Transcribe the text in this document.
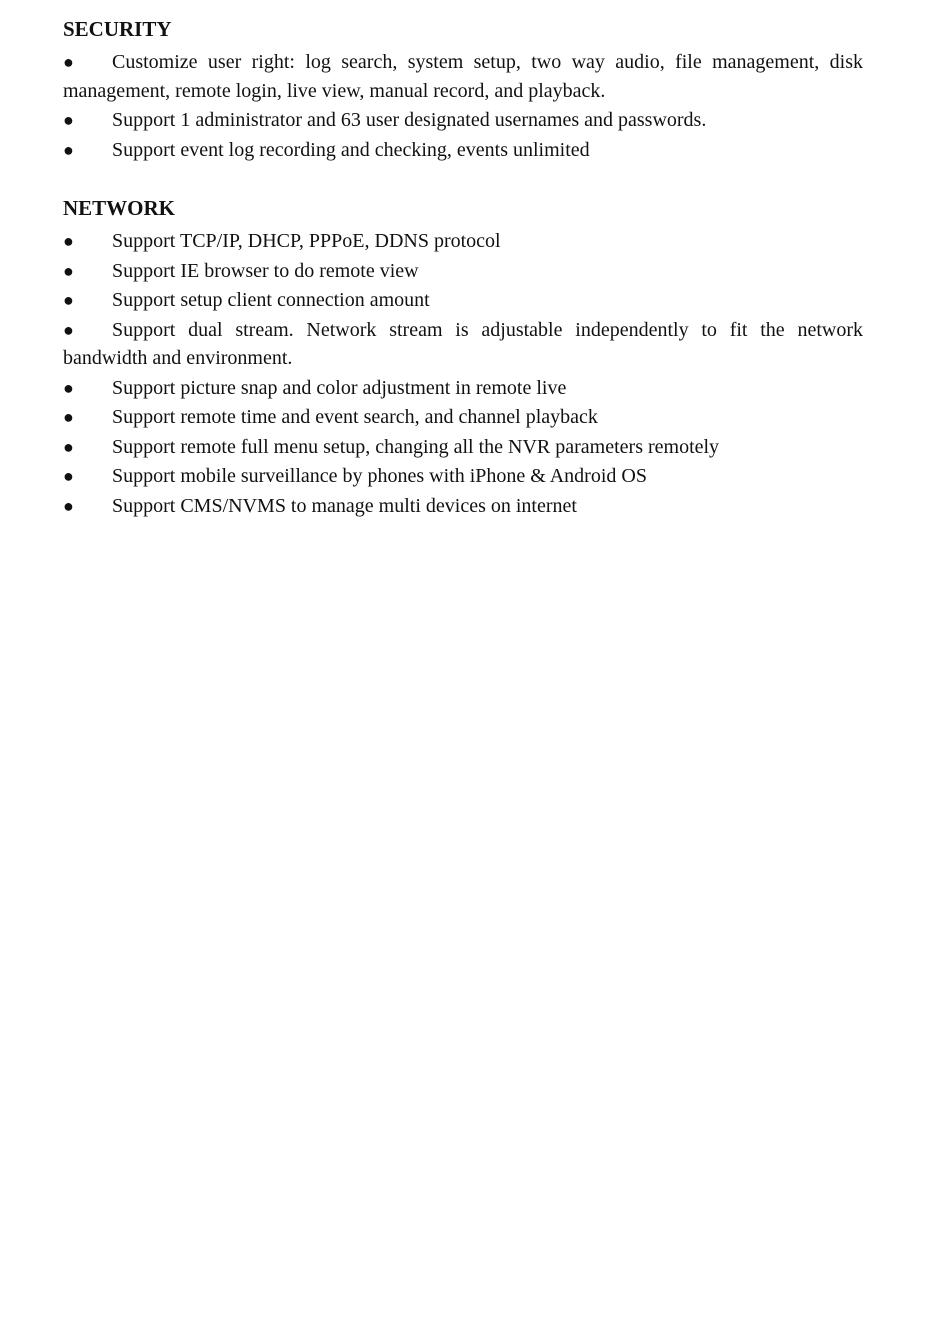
SECURITY
● Customize user right: log search, system setup, two way audio, file management, disk management, remote login, live view, manual record, and playback.
● Support 1 administrator and 63 user designated usernames and passwords.
● Support event log recording and checking, events unlimited
NETWORK
● Support TCP/IP, DHCP, PPPoE, DDNS protocol
● Support IE browser to do remote view
● Support setup client connection amount
● Support dual stream. Network stream is adjustable independently to fit the network bandwidth and environment.
● Support picture snap and color adjustment in remote live
● Support remote time and event search, and channel playback
● Support remote full menu setup, changing all the NVR parameters remotely
● Support mobile surveillance by phones with iPhone & Android OS
● Support CMS/NVMS to manage multi devices on internet
